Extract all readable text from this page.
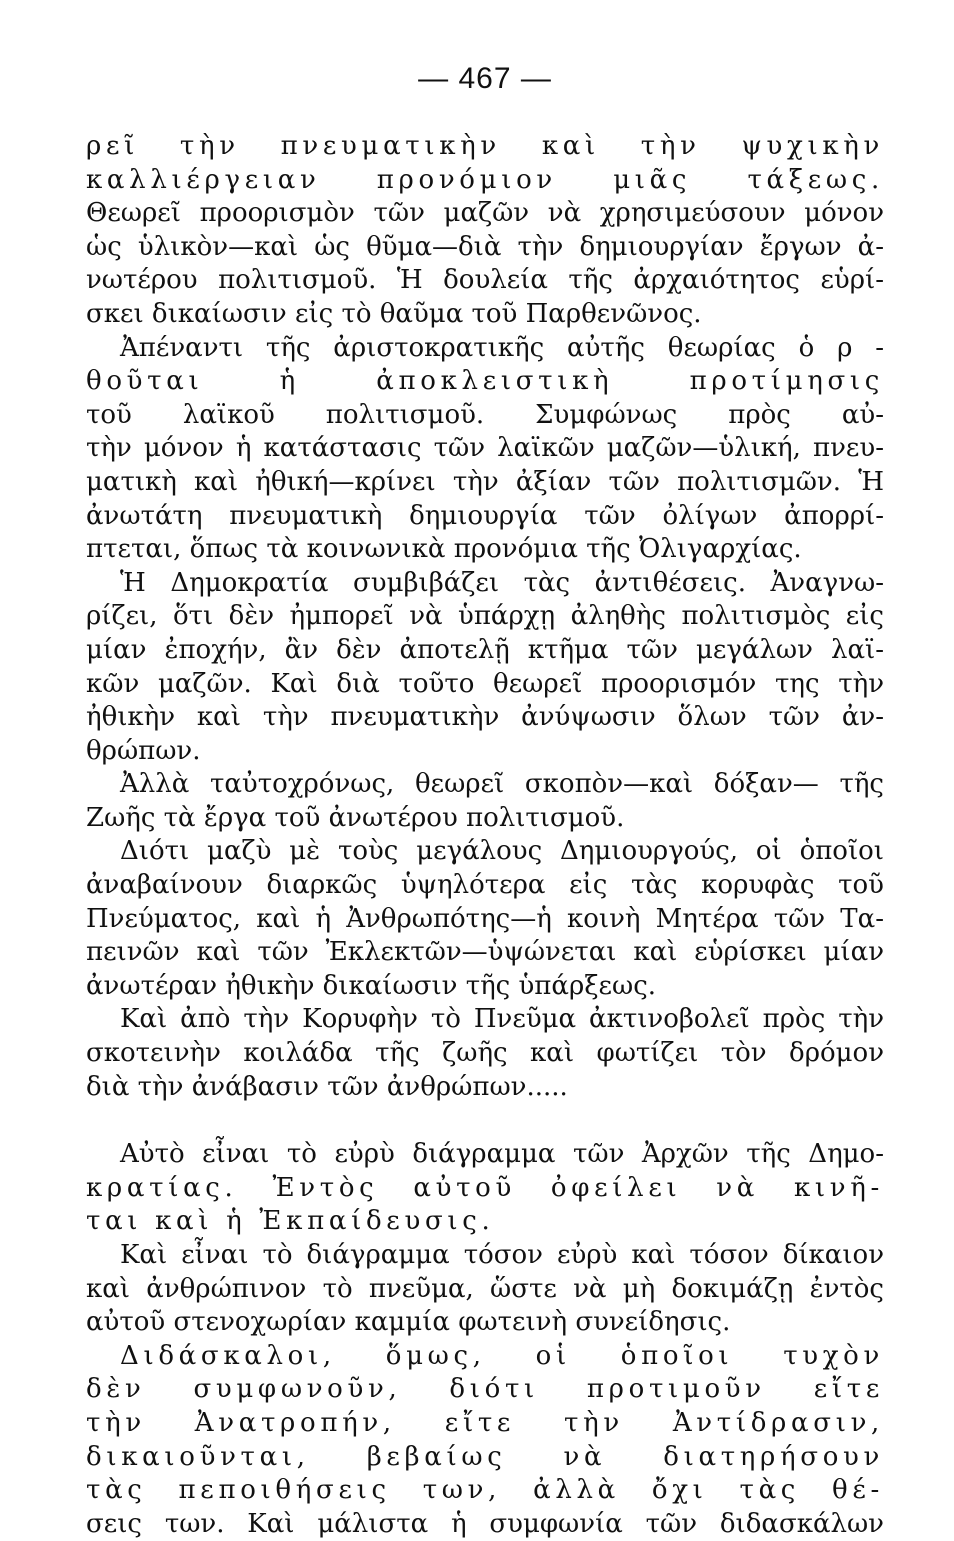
— 467 —
ρεῖ τὴν πνευματικὴν καὶ τὴν ψυχικὴν
καλλιέργειαν προνόμιον μιᾶς τάξεως.
Θεωρεῖ προορισμὸν τῶν μαζῶν νὰ χρησιμεύσουν μόνον
ὡς ὑλικὸν—καὶ ὡς θῦμα—διὰ τὴν δημιουργίαν ἔργων ἀ-
νωτέρου πολιτισμοῦ. Ἡ δουλεία τῆς ἀρχαιότητος εὑρί-
σκει δικαίωσιν εἰς τὸ θαῦμα τοῦ Παρθενῶνος.
Ἀπέναντι τῆς ἀριστοκρατικῆς αὐτῆς θεωρίας ὁ ρ -
θοῦται ἡ ἀποκλειστικὴ προτίμησις
τοῦ λαϊκοῦ πολιτισμοῦ. Συμφώνως πρὸς αὐ-
τὴν μόνον ἡ κατάστασις τῶν λαϊκῶν μαζῶν—ὑλική, πνευ-
ματικὴ καὶ ἠθική—κρίνει τὴν ἀξίαν τῶν πολιτισμῶν. Ἡ
ἀνωτάτη πνευματικὴ δημιουργία τῶν ὀλίγων ἀπορρί-
πτεται, ὅπως τὰ κοινωνικὰ προνόμια τῆς Ὀλιγαρχίας.
Ἡ Δημοκρατία συμβιβάζει τὰς ἀντιθέσεις. Ἀναγνω-
ρίζει, ὅτι δὲν ἠμπορεῖ νὰ ὑπάρχῃ ἀληθὴς πολιτισμὸς εἰς
μίαν ἐποχήν, ἂν δὲν ἀποτελῇ κτῆμα τῶν μεγάλων λαϊ-
κῶν μαζῶν. Καὶ διὰ τοῦτο θεωρεῖ προορισμόν της τὴν
ἠθικὴν καὶ τὴν πνευματικὴν ἀνύψωσιν ὅλων τῶν ἀν-
θρώπων.
Ἀλλὰ ταὐτοχρόνως, θεωρεῖ σκοπὸν—καὶ δόξαν— τῆς
Ζωῆς τὰ ἔργα τοῦ ἀνωτέρου πολιτισμοῦ.
Διότι μαζὺ μὲ τοὺς μεγάλους Δημιουργούς, οἱ ὁποῖοι
ἀναβαίνουν διαρκῶς ὑψηλότερα εἰς τὰς κορυφὰς τοῦ
Πνεύματος, καὶ ἡ Ἀνθρωπότης—ἡ κοινὴ Μητέρα τῶν Τα-
πεινῶν καὶ τῶν Ἐκλεκτῶν—ὑψώνεται καὶ εὑρίσκει μίαν
ἀνωτέραν ἠθικὴν δικαίωσιν τῆς ὑπάρξεως.
Καὶ ἀπὸ τὴν Κορυφὴν τὸ Πνεῦμα ἀκτινοβολεῖ πρὸς τὴν
σκοτεινὴν κοιλάδα τῆς ζωῆς καὶ φωτίζει τὸν δρόμον
διὰ τὴν ἀνάβασιν τῶν ἀνθρώπων.....
Αὐτὸ εἶναι τὸ εὐρὺ διάγραμμα τῶν Ἀρχῶν τῆς Δημο-
κρατίας. Ἐντὸς αὐτοῦ ὀφείλει νὰ κινῆ-
ται καὶ ἡ Ἐκπαίδευσις.
Καὶ εἶναι τὸ διάγραμμα τόσον εὐρὺ καὶ τόσον δίκαιον
καὶ ἀνθρώπινον τὸ πνεῦμα, ὥστε νὰ μὴ δοκιμάζῃ ἐντὸς
αὐτοῦ στενοχωρίαν καμμία φωτεινὴ συνείδησις.
Διδάσκαλοι, ὅμως, οἱ ὁποῖοι τυχὸν
δὲν συμφωνοῦν, διότι προτιμοῦν εἴτε
τὴν Ἀνατροπήν, εἴτε τὴν Ἀντίδρασιν,
δικαιοῦνται, βεβαίως νὰ διατηρήσουν
τὰς πεποιθήσεις των, ἀλλὰ ὄχι τὰς θέ-
σεις των. Καὶ μάλιστα ἡ συμφωνία τῶν διδασκάλων
